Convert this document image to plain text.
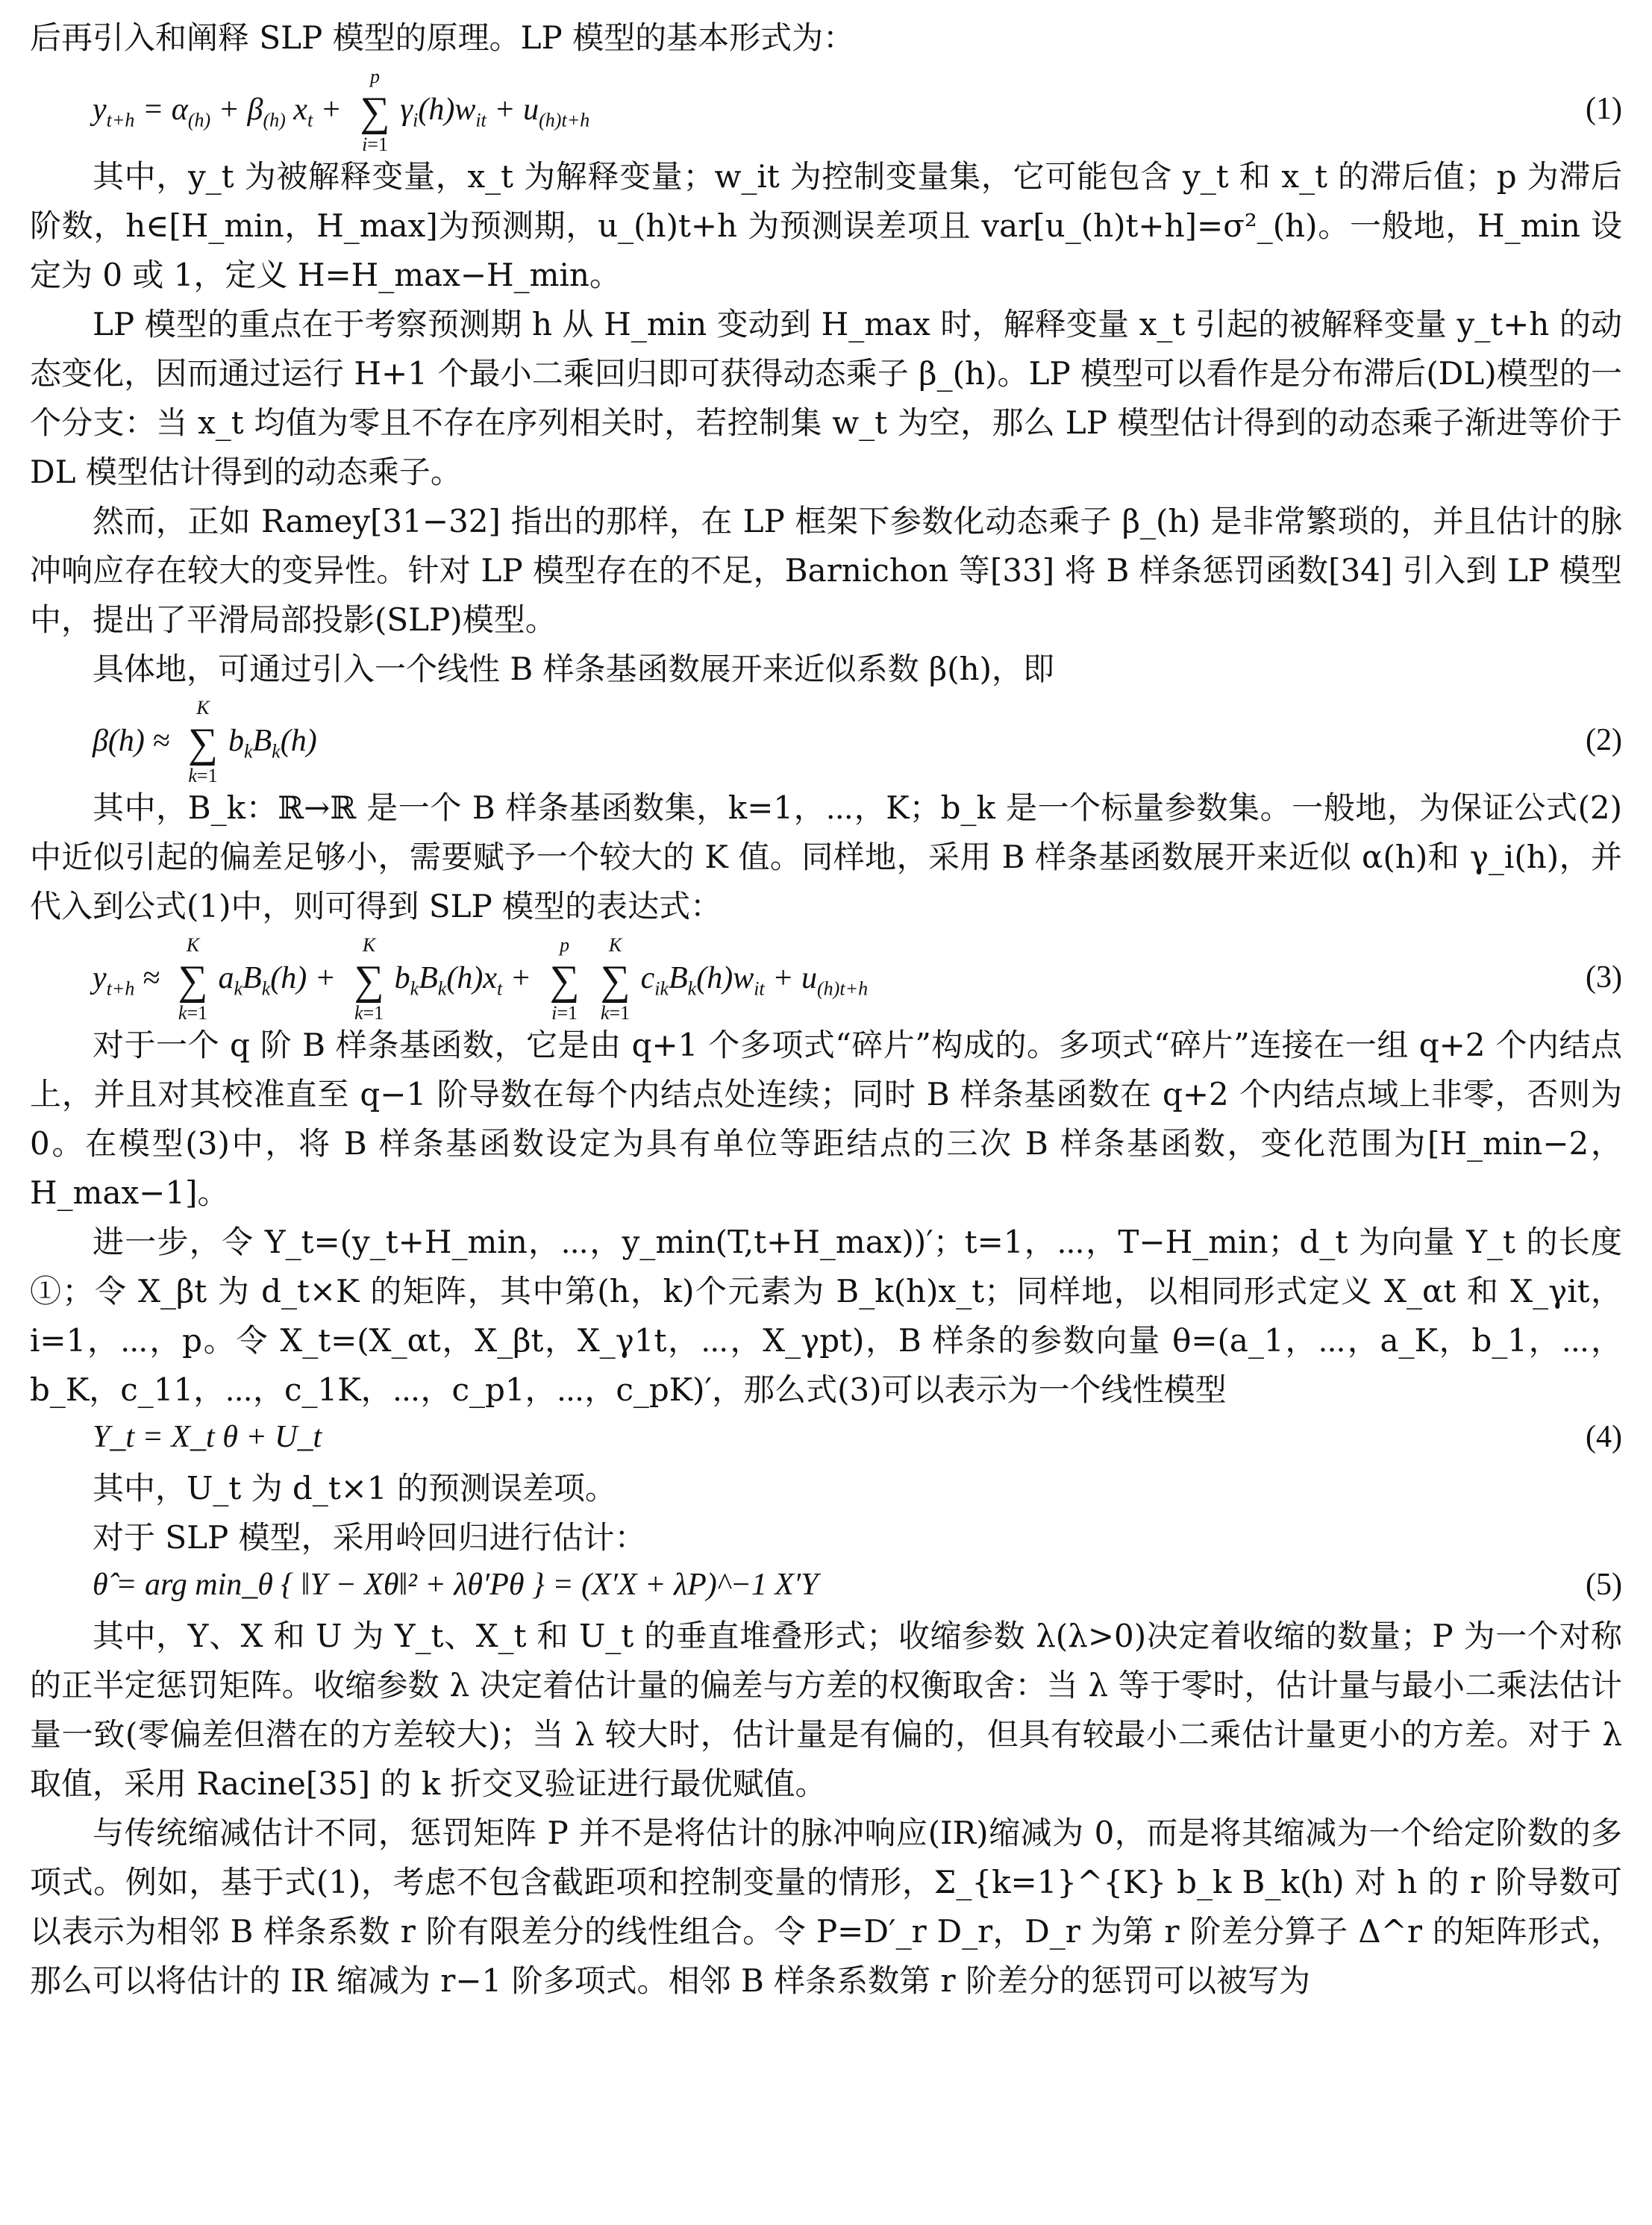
后再引入和阐释 SLP 模型的原理。LP 模型的基本形式为：

$y_{t+h} = \alpha_{(h)} + \beta_{(h)}$ $x_t$ +
p
∑
i=1
$\gamma_i(h)w_{it} + u_{(h)t+h}$	(1)

其中，y_t 为被解释变量，x_t 为解释变量；w_it 为控制变量集，它可能包含 y_t 和 x_t 的滞后值；p 为滞后阶数，h∈[H_min，H_max]为预测期，u_(h)t+h 为预测误差项且 var[u_(h)t+h]=σ²_(h)。一般地，H_min 设定为 0 或 1，定义 H=H_max−H_min。

LP 模型的重点在于考察预测期 h 从 H_min 变动到 H_max 时，解释变量 x_t 引起的被解释变量 y_t+h 的动态变化，因而通过运行 H+1 个最小二乘回归即可获得动态乘子 β_(h)。LP 模型可以看作是分布滞后(DL)模型的一个分支：当 x_t 均值为零且不存在序列相关时，若控制集 w_t 为空，那么 LP 模型估计得到的动态乘子渐进等价于 DL 模型估计得到的动态乘子。

然而，正如 Ramey[31−32] 指出的那样，在 LP 框架下参数化动态乘子 β_(h) 是非常繁琐的，并且估计的脉冲响应存在较大的变异性。针对 LP 模型存在的不足，Barnichon 等[33] 将 B 样条惩罚函数[34] 引入到 LP 模型中，提出了平滑局部投影(SLP)模型。

具体地，可通过引入一个线性 B 样条基函数展开来近似系数 β(h)，即

β(h) ≈
K
∑
k=1
$b_kB_k(h)$	(2)

其中，B_k：ℝ→ℝ 是一个 B 样条基函数集，k=1，⋯，K；b_k 是一个标量参数集。一般地，为保证公式(2)中近似引起的偏差足够小，需要赋予一个较大的 K 值。同样地，采用 B 样条基函数展开来近似 α(h)和 γ_i(h)，并代入到公式(1)中，则可得到 SLP 模型的表达式：

$y_{t+h}$ ≈
K
∑
k=1
$a_kB_k(h)$ +
K
∑
k=1
$b_kB_k(h)x_t$ +
p
∑
i=1
K
∑
k=1
$c_{ik}B_k(h)w_{it} + u_{(h)t+h}$	(3)

对于一个 q 阶 B 样条基函数，它是由 q+1 个多项式“碎片”构成的。多项式“碎片”连接在一组 q+2 个内结点上，并且对其校准直至 q−1 阶导数在每个内结点处连续；同时 B 样条基函数在 q+2 个内结点域上非零，否则为 0。在模型(3)中，将 B 样条基函数设定为具有单位等距结点的三次 B 样条基函数，变化范围为[H_min−2，H_max−1]。

进一步，令 Y_t=(y_t+H_min，⋯，y_min(T,t+H_max))′；t=1，⋯，T−H_min；d_t 为向量 Y_t 的长度①；令 X_βt 为 d_t×K 的矩阵，其中第(h，k)个元素为 B_k(h)x_t；同样地，以相同形式定义 X_αt 和 X_γit，i=1，⋯，p。令 X_t=(X_αt，X_βt，X_γ1t，⋯，X_γpt)，B 样条的参数向量 θ=(a_1，⋯，a_K，b_1，⋯，b_K，c_11，⋯，c_1K，⋯，c_p1，⋯，c_pK)′，那么式(3)可以表示为一个线性模型

Y_t = X_t θ + U_t	(4)

其中，U_t 为 d_t×1 的预测误差项。

对于 SLP 模型，采用岭回归进行估计：

θ̂ = arg min_θ { ‖Y − Xθ‖² + λθ′Pθ } = (X′X + λP)^−1 X′Y	(5)

其中，Y、X 和 U 为 Y_t、X_t 和 U_t 的垂直堆叠形式；收缩参数 λ(λ>0)决定着收缩的数量；P 为一个对称的正半定惩罚矩阵。收缩参数 λ 决定着估计量的偏差与方差的权衡取舍：当 λ 等于零时，估计量与最小二乘法估计量一致(零偏差但潜在的方差较大)；当 λ 较大时，估计量是有偏的，但具有较最小二乘估计量更小的方差。对于 λ 取值，采用 Racine[35] 的 k 折交叉验证进行最优赋值。

与传统缩减估计不同，惩罚矩阵 P 并不是将估计的脉冲响应(IR)缩减为 0，而是将其缩减为一个给定阶数的多项式。例如，基于式(1)，考虑不包含截距项和控制变量的情形，Σ_{k=1}^{K} b_k B_k(h) 对 h 的 r 阶导数可以表示为相邻 B 样条系数 r 阶有限差分的线性组合。令 P=D′_r D_r，D_r 为第 r 阶差分算子 Δ^r 的矩阵形式，那么可以将估计的 IR 缩减为 r−1 阶多项式。相邻 B 样条系数第 r 阶差分的惩罚可以被写为
